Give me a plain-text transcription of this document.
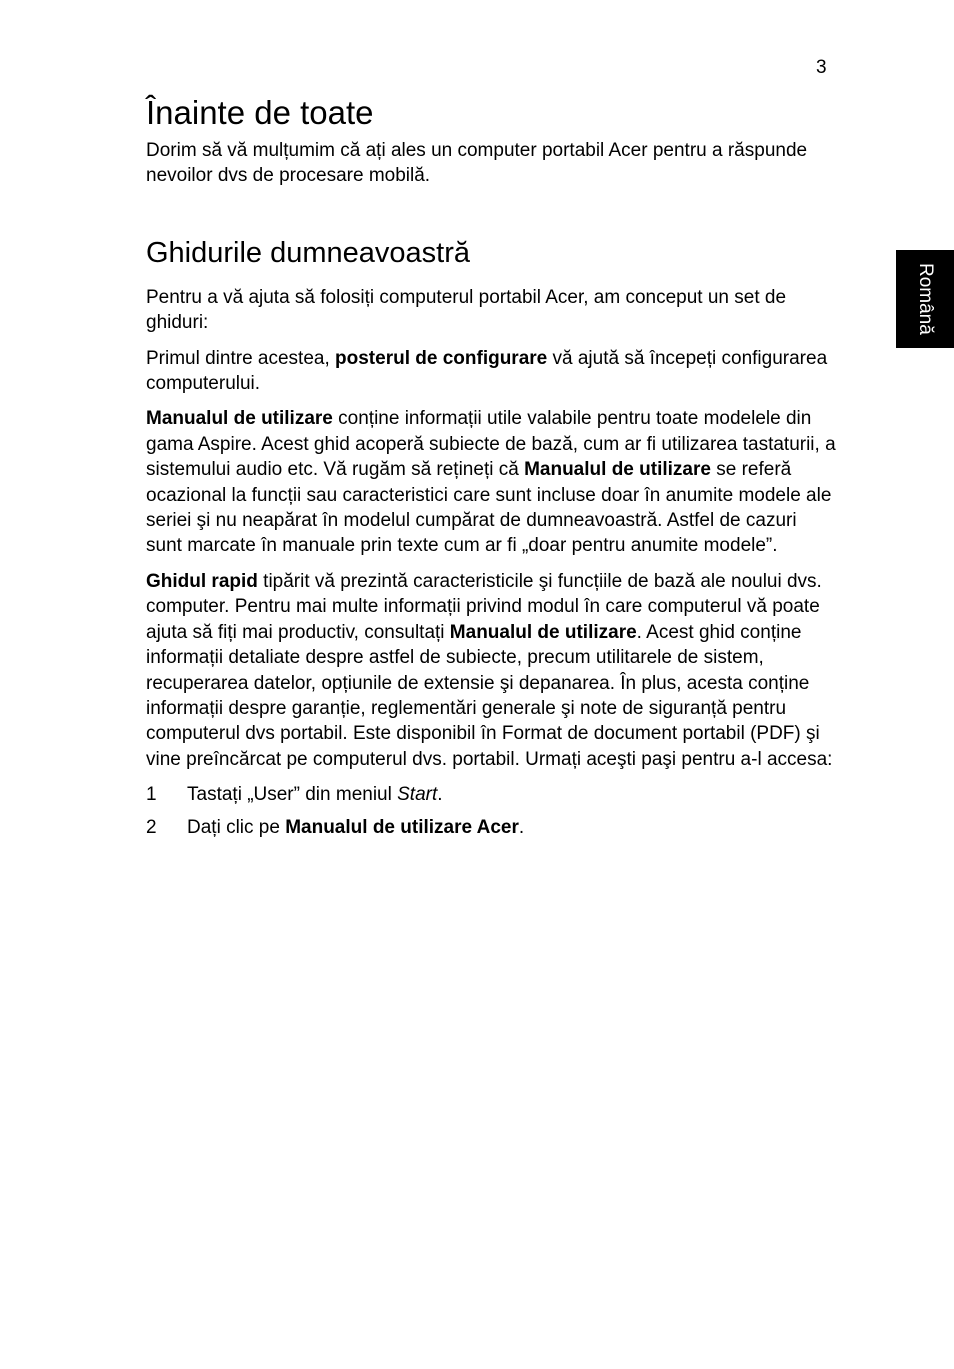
3
Română
Înainte de toate

Dorim să vă mulțumim că ați ales un computer portabil Acer pentru a răspunde nevoilor dvs de procesare mobilă.

Ghidurile dumneavoastră

Pentru a vă ajuta să folosiți computerul portabil Acer, am conceput un set de ghiduri:

Primul dintre acestea, posterul de configurare vă ajută să începeți configurarea computerului.

Manualul de utilizare conține informații utile valabile pentru toate modelele din gama Aspire. Acest ghid acoperă subiecte de bază, cum ar fi utilizarea tastaturii, a sistemului audio etc. Vă rugăm să rețineți că Manualul de utilizare se referă ocazional la funcții sau caracteristici care sunt incluse doar în anumite modele ale seriei şi nu neapărat în modelul cumpărat de dumneavoastră. Astfel de cazuri sunt marcate în manuale prin texte cum ar fi „doar pentru anumite modele”.

Ghidul rapid tipărit vă prezintă caracteristicile şi funcțiile de bază ale noului dvs. computer. Pentru mai multe informații privind modul în care computerul vă poate ajuta să fiți mai productiv, consultați Manualul de utilizare. Acest ghid conține informații detaliate despre astfel de subiecte, precum utilitarele de sistem, recuperarea datelor, opțiunile de extensie şi depanarea. În plus, acesta conține informații despre garanție, reglementări generale şi note de siguranță pentru computerul dvs portabil. Este disponibil în Format de document portabil (PDF) şi vine preîncărcat pe computerul dvs. portabil. Urmați aceşti paşi pentru a-l accesa:

1 Tastați „User” din meniul Start.
2 Dați clic pe Manualul de utilizare Acer.
